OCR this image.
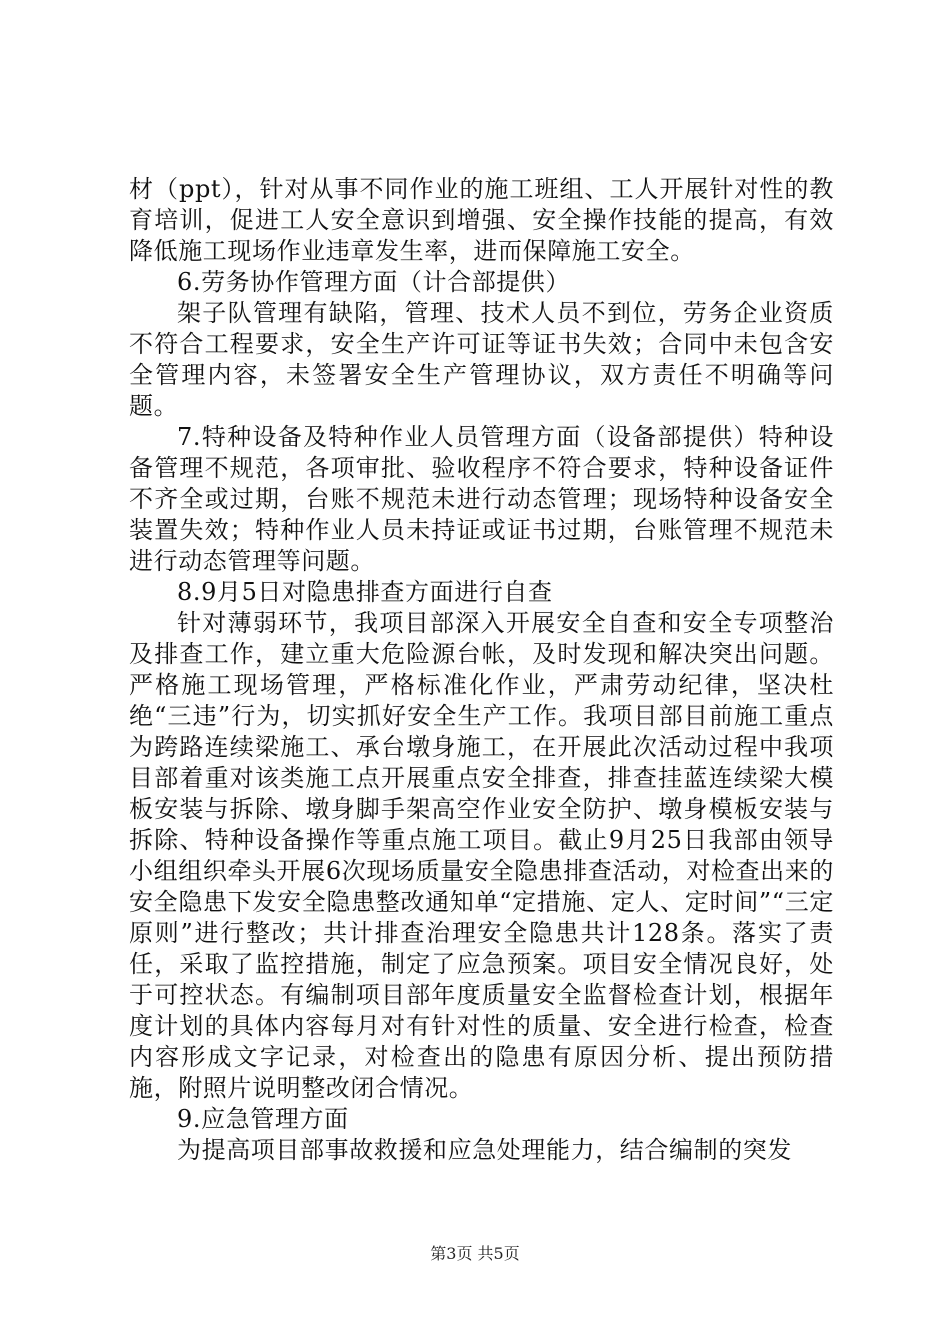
材（ppt），针对从事不同作业的施工班组、工人开展针对性的教育培训，促进工人安全意识到增强、安全操作技能的提高，有效降低施工现场作业违章发生率，进而保障施工安全。

6.劳务协作管理方面（计合部提供）

架子队管理有缺陷，管理、技术人员不到位，劳务企业资质不符合工程要求，安全生产许可证等证书失效；合同中未包含安全管理内容，未签署安全生产管理协议，双方责任不明确等问题。

7.特种设备及特种作业人员管理方面（设备部提供）特种设备管理不规范，各项审批、验收程序不符合要求，特种设备证件不齐全或过期，台账不规范未进行动态管理；现场特种设备安全装置失效；特种作业人员未持证或证书过期，台账管理不规范未进行动态管理等问题。

8.9月5日对隐患排查方面进行自查

针对薄弱环节，我项目部深入开展安全自查和安全专项整治及排查工作，建立重大危险源台帐，及时发现和解决突出问题。严格施工现场管理，严格标准化作业，严肃劳动纪律，坚决杜绝“三违”行为，切实抓好安全生产工作。我项目部目前施工重点为跨路连续梁施工、承台墩身施工，在开展此次活动过程中我项目部着重对该类施工点开展重点安全排查，排查挂蓝连续梁大模板安装与拆除、墩身脚手架高空作业安全防护、墩身模板安装与拆除、特种设备操作等重点施工项目。截止9月25日我部由领导小组组织牵头开展6次现场质量安全隐患排查活动，对检查出来的安全隐患下发安全隐患整改通知单“定措施、定人、定时间”“三定原则”进行整改；共计排查治理安全隐患共计128条。落实了责任，采取了监控措施，制定了应急预案。项目安全情况良好，处于可控状态。有编制项目部年度质量安全监督检查计划，根据年度计划的具体内容每月对有针对性的质量、安全进行检查，检查内容形成文字记录，对检查出的隐患有原因分析、提出预防措施，附照片说明整改闭合情况。

9.应急管理方面

为提高项目部事故救援和应急处理能力，结合编制的突发

第3页 共5页
